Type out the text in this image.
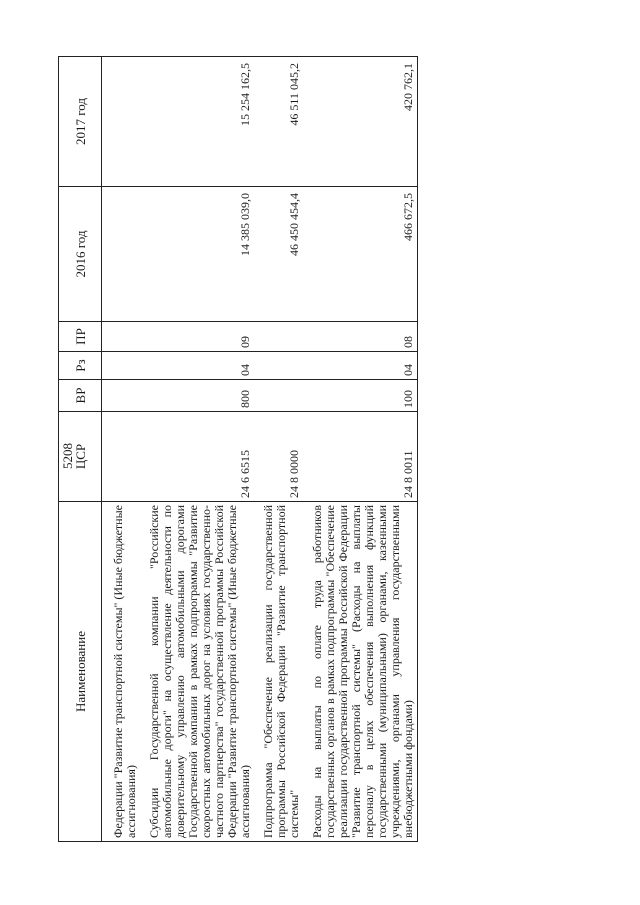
5208
Наименование	ЦСР	ВР	Рз	ПР	2016 год	2017 год
Федерации "Развитие транспортной системы" (Иные бюджетные ассигнования)						
Субсидии Государственной компании "Российские автомобильные дороги" на осуществление деятельности по доверительному управлению автомобильными дорогами Государственной компании в рамках подпрограммы "Развитие скоростных автомобильных дорог на условиях государственно-частного партнерства" государственной программы Российской Федерации "Развитие транспортной системы" (Иные бюджетные ассигнования)	24 6 6515	800	04	09	14 385 039,0	15 254 162,5
Подпрограмма "Обеспечение реализации государственной программы Российской Федерации "Развитие транспортной системы"	24 8 0000				46 450 454,4	46 511 045,2
Расходы на выплаты по оплате труда работников государственных органов в рамках подпрограммы "Обеспечение реализации государственной программы Российской Федерации "Развитие транспортной системы" (Расходы на выплаты персоналу в целях обеспечения выполнения функций государственными (муниципальными) органами, казенными учреждениями, органами управления государственными внебюджетными фондами)	24 8 0011	100	04	08	466 672,5	420 762,1
